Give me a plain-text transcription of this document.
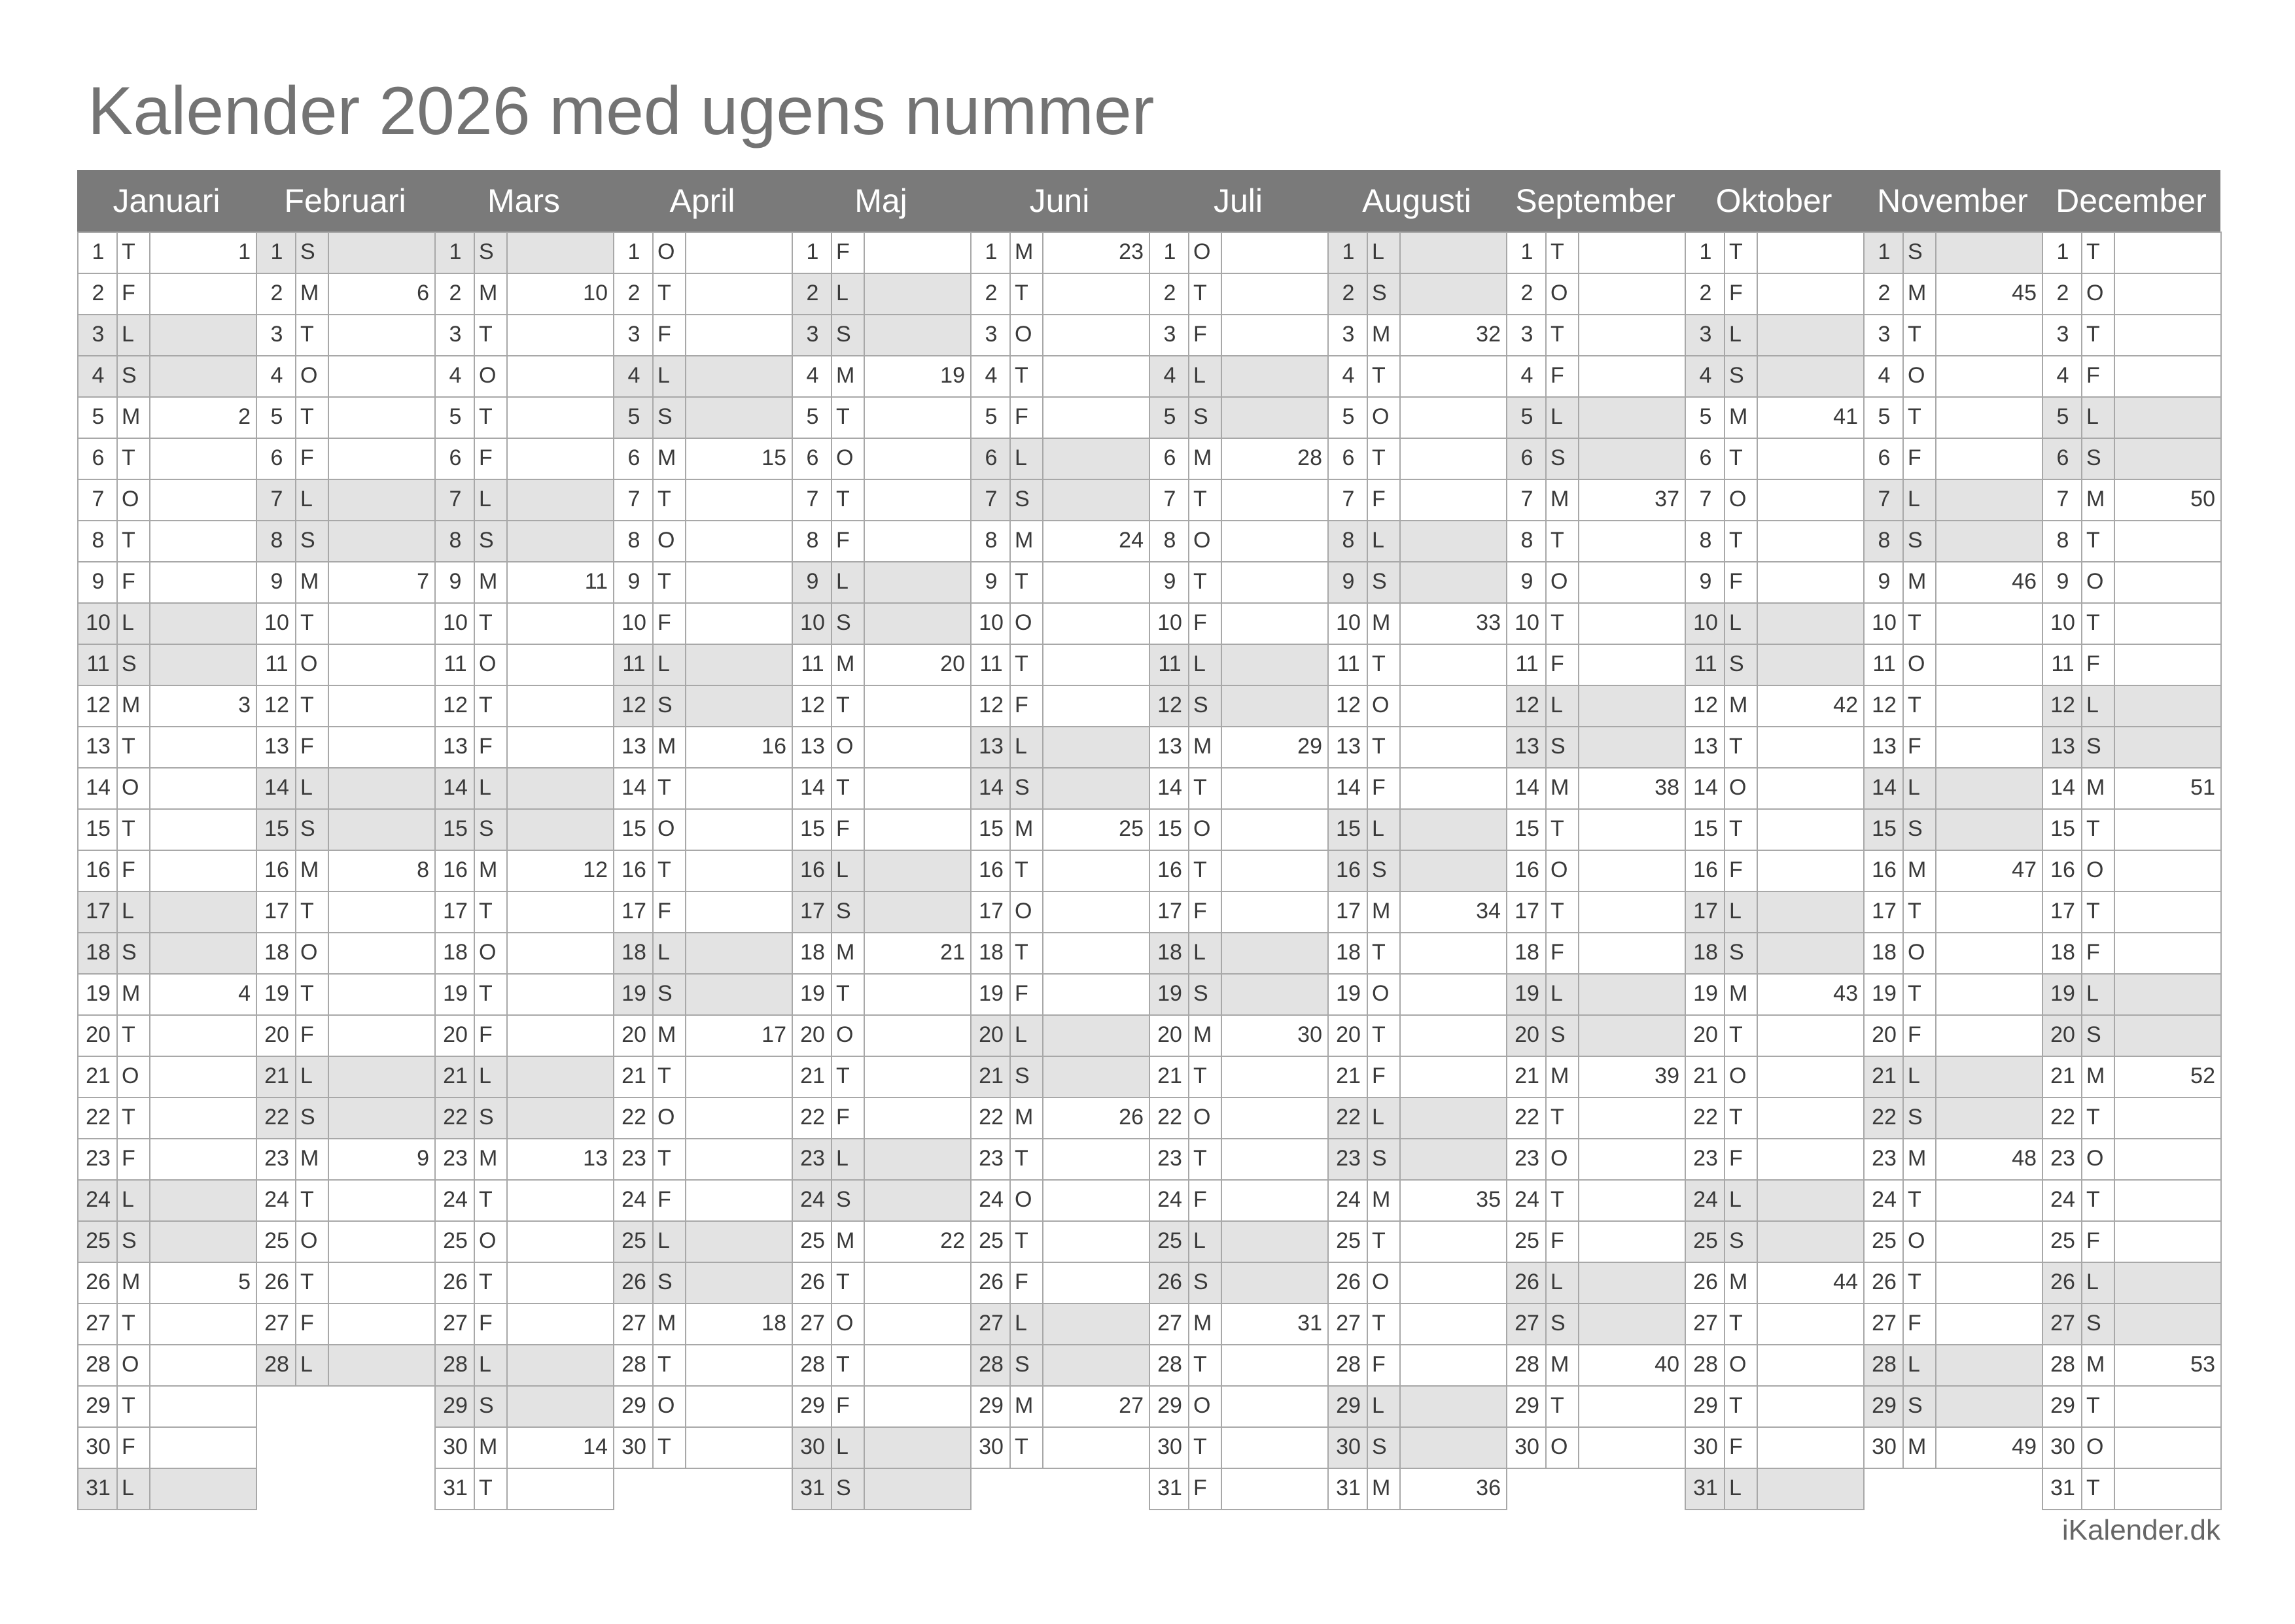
Kalender 2026 med ugens nummer
Januari
1 T	1
2 F
3 L
4 S
5 M	2
6 T
7 O
8 T
9 F
10 L
11 S
12 M	3
13 T
14 O
15 T
16 F
17 L
18 S
19 M	4
20 T
21 O
22 T
23 F
24 L
25 S
26 M	5
27 T
28 O
29 T
30 F
31 L
Februari
1 S
2 M	6
3 T
4 O
5 T
6 F
7 L
8 S
9 M	7
10 T
11 O
12 T
13 F
14 L
15 S
16 M	8
17 T
18 O
19 T
20 F
21 L
22 S
23 M	9
24 T
25 O
26 T
27 F
28 L
Mars
1 S
2 M	10
3 T
4 O
5 T
6 F
7 L
8 S
9 M	11
10 T
11 O
12 T
13 F
14 L
15 S
16 M	12
17 T
18 O
19 T
20 F
21 L
22 S
23 M	13
24 T
25 O
26 T
27 F
28 L
29 S
30 M	14
31 T
April
1 O
2 T
3 F
4 L
5 S
6 M	15
7 T
8 O
9 T
10 F
11 L
12 S
13 M	16
14 T
15 O
16 T
17 F
18 L
19 S
20 M	17
21 T
22 O
23 T
24 F
25 L
26 S
27 M	18
28 T
29 O
30 T
Maj
1 F
2 L
3 S
4 M	19
5 T
6 O
7 T
8 F
9 L
10 S
11 M	20
12 T
13 O
14 T
15 F
16 L
17 S
18 M	21
19 T
20 O
21 T
22 F
23 L
24 S
25 M	22
26 T
27 O
28 T
29 F
30 L
31 S
Juni
1 M	23
2 T
3 O
4 T
5 F
6 L
7 S
8 M	24
9 T
10 O
11 T
12 F
13 L
14 S
15 M	25
16 T
17 O
18 T
19 F
20 L
21 S
22 M	26
23 T
24 O
25 T
26 F
27 L
28 S
29 M	27
30 T
Juli
1 O
2 T
3 F
4 L
5 S
6 M	28
7 T
8 O
9 T
10 F
11 L
12 S
13 M	29
14 T
15 O
16 T
17 F
18 L
19 S
20 M	30
21 T
22 O
23 T
24 F
25 L
26 S
27 M	31
28 T
29 O
30 T
31 F
Augusti
1 L
2 S
3 M	32
4 T
5 O
6 T
7 F
8 L
9 S
10 M	33
11 T
12 O
13 T
14 F
15 L
16 S
17 M	34
18 T
19 O
20 T
21 F
22 L
23 S
24 M	35
25 T
26 O
27 T
28 F
29 L
30 S
31 M	36
September
1 T
2 O
3 T
4 F
5 L
6 S
7 M	37
8 T
9 O
10 T
11 F
12 L
13 S
14 M	38
15 T
16 O
17 T
18 F
19 L
20 S
21 M	39
22 T
23 O
24 T
25 F
26 L
27 S
28 M	40
29 T
30 O
Oktober
1 T
2 F
3 L
4 S
5 M	41
6 T
7 O
8 T
9 F
10 L
11 S
12 M	42
13 T
14 O
15 T
16 F
17 L
18 S
19 M	43
20 T
21 O
22 T
23 F
24 L
25 S
26 M	44
27 T
28 O
29 T
30 F
31 L
November
1 S
2 M	45
3 T
4 O
5 T
6 F
7 L
8 S
9 M	46
10 T
11 O
12 T
13 F
14 L
15 S
16 M	47
17 T
18 O
19 T
20 F
21 L
22 S
23 M	48
24 T
25 O
26 T
27 F
28 L
29 S
30 M	49
December
1 T
2 O
3 T
4 F
5 L
6 S
7 M	50
8 T
9 O
10 T
11 F
12 L
13 S
14 M	51
15 T
16 O
17 T
18 F
19 L
20 S
21 M	52
22 T
23 O
24 T
25 F
26 L
27 S
28 M	53
29 T
30 O
31 T
iKalender.dk
